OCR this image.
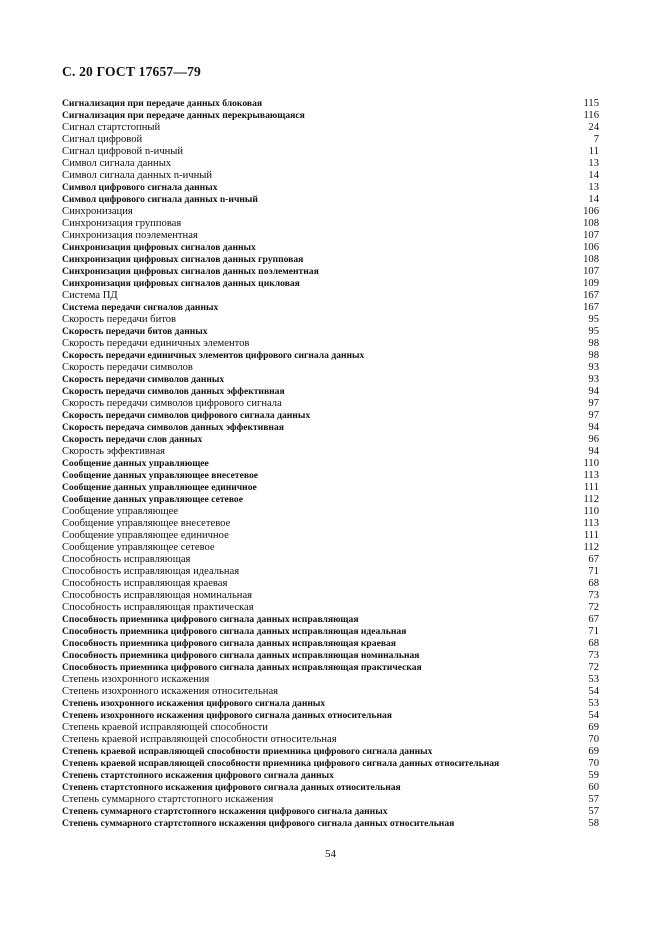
С. 20 ГОСТ 17657—79
Сигнализация при передаче данных блоковая	115
Сигнализация при передаче данных перекрывающаяся	116
Сигнал стартстопный	24
Сигнал цифровой	7
Сигнал цифровой n-ичный	11
Символ сигнала данных	13
Символ сигнала данных n-ичный	14
Символ цифрового сигнала данных	13
Символ цифрового сигнала данных n-ичный	14
Синхронизация	106
Синхронизация групповая	108
Синхронизация поэлементная	107
Синхронизация цифровых сигналов данных	106
Синхронизация цифровых сигналов данных групповая	108
Синхронизация цифровых сигналов данных поэлементная	107
Синхронизация цифровых сигналов данных цикловая	109
Система ПД	167
Система передачи сигналов данных	167
Скорость передачи битов	95
Скорость передачи битов данных	95
Скорость передачи единичных элементов	98
Скорость передачи единичных элементов цифрового сигнала данных	98
Скорость передачи символов	93
Скорость передачи символов данных	93
Скорость передачи символов данных эффективная	94
Скорость передачи символов цифрового сигнала	97
Скорость передачи символов цифрового сигнала данных	97
Скорость передача символов данных эффективная	94
Скорость передачи слов данных	96
Скорость эффективная	94
Сообщение данных управляющее	110
Сообщение данных управляющее внесетевое	113
Сообщение данных управляющее единичное	111
Сообщение данных управляющее сетевое	112
Сообщение управляющее	110
Сообщение управляющее внесетевое	113
Сообщение управляющее единичное	111
Сообщение управляющее сетевое	112
Способность исправляющая	67
Способность исправляющая идеальная	71
Способность исправляющая краевая	68
Способность исправляющая номинальная	73
Способность исправляющая практическая	72
Способность приемника цифрового сигнала данных исправляющая	67
Способность приемника цифрового сигнала данных исправляющая идеальная	71
Способность приемника цифрового сигнала данных исправляющая краевая	68
Способность приемника цифрового сигнала данных исправляющая номинальная	73
Способность приемника цифрового сигнала данных исправляющая практическая	72
Степень изохронного искажения	53
Степень изохронного искажения относительная	54
Степень изохронного искажения цифрового сигнала данных	53
Степень изохронного искажения цифрового сигнала данных относительная	54
Степень краевой исправляющей способности	69
Степень краевой исправляющей способности относительная	70
Степень краевой исправляющей способности приемника цифрового сигнала данных	69
Степень краевой исправляющей способности приемника цифрового сигнала данных относительная	70
Степень стартстопного искажения цифрового сигнала данных	59
Степень стартстопного искажения цифрового сигнала данных относительная	60
Степень суммарного стартстопного искажения	57
Степень суммарного стартстопного искажения цифрового сигнала данных	57
Степень суммарного стартстопного искажения цифрового сигнала данных относительная	58
54
